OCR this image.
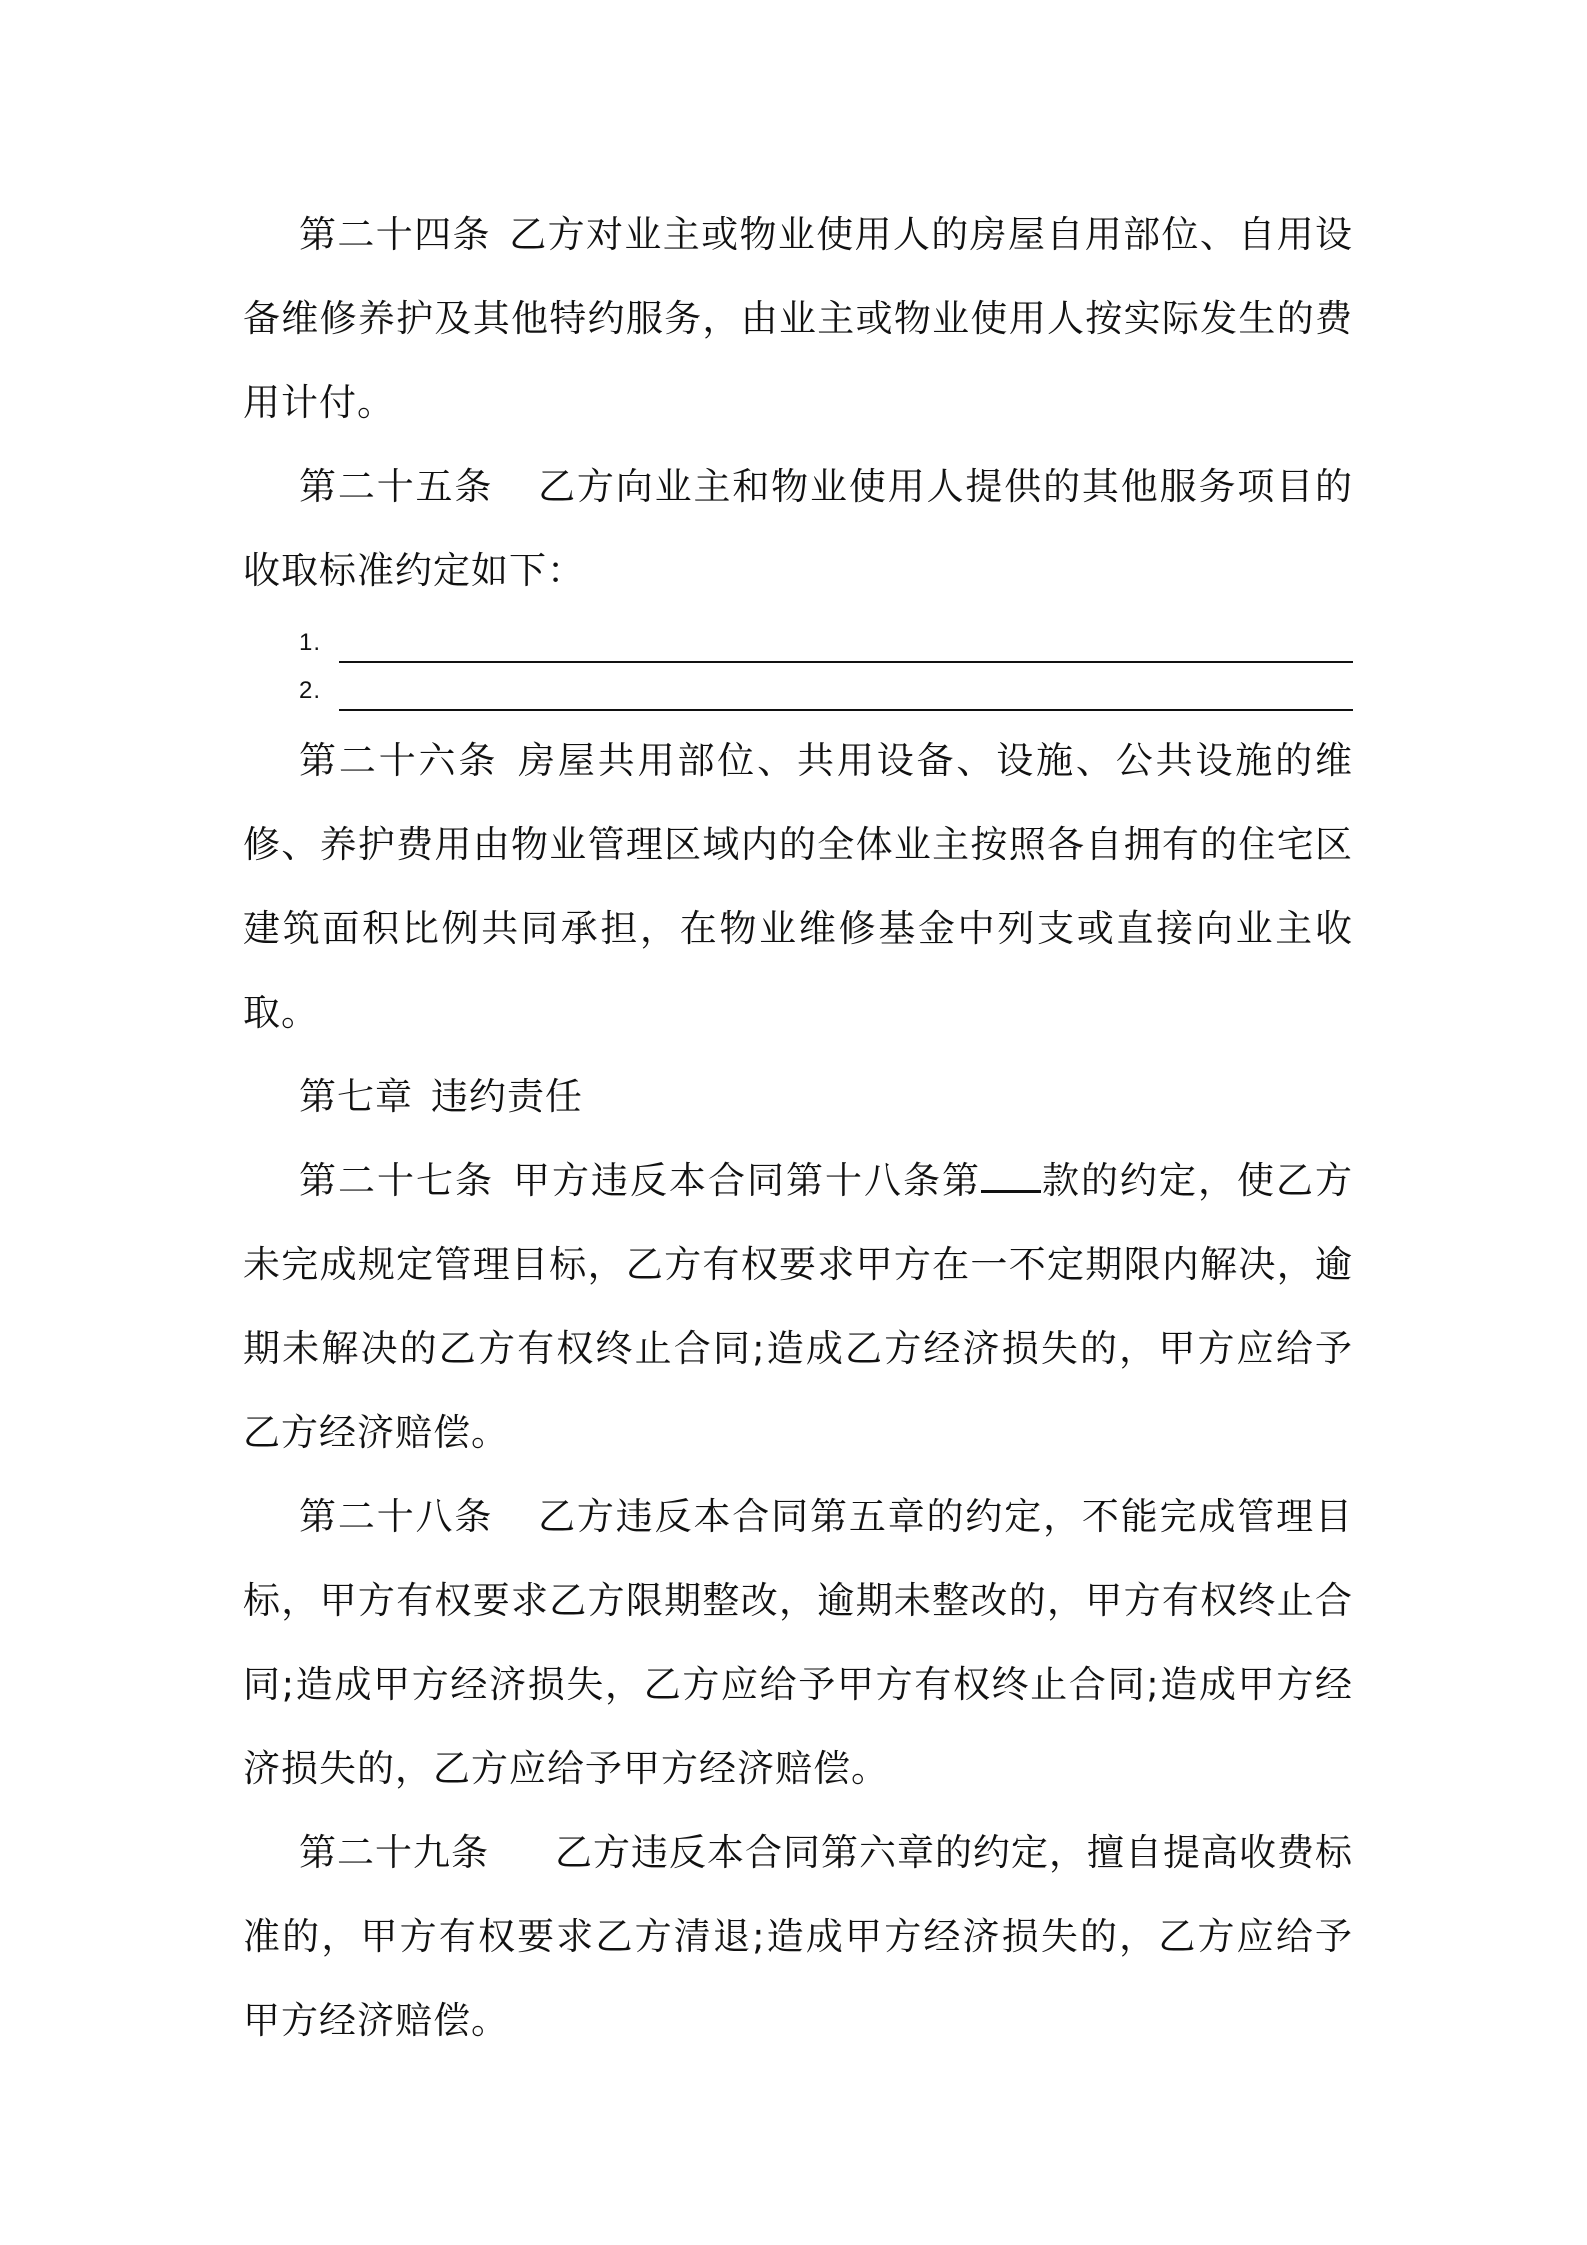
第二十四条 乙方对业主或物业使用人的房屋自用部位、自用设备维修养护及其他特约服务，由业主或物业使用人按实际发生的费用计付。

第二十五条 乙方向业主和物业使用人提供的其他服务项目的收取标准约定如下：

1.
2.

第二十六条 房屋共用部位、共用设备、设施、公共设施的维修、养护费用由物业管理区域内的全体业主按照各自拥有的住宅区建筑面积比例共同承担，在物业维修基金中列支或直接向业主收取。

第七章 违约责任

第二十七条 甲方违反本合同第十八条第 款的约定，使乙方未完成规定管理目标，乙方有权要求甲方在一不定期限内解决，逾期未解决的乙方有权终止合同;造成乙方经济损失的，甲方应给予乙方经济赔偿。

第二十八条 乙方违反本合同第五章的约定，不能完成管理目标，甲方有权要求乙方限期整改，逾期未整改的，甲方有权终止合同;造成甲方经济损失，乙方应给予甲方有权终止合同;造成甲方经济损失的，乙方应给予甲方经济赔偿。

第二十九条 乙方违反本合同第六章的约定，擅自提高收费标准的，甲方有权要求乙方清退;造成甲方经济损失的，乙方应给予甲方经济赔偿。
